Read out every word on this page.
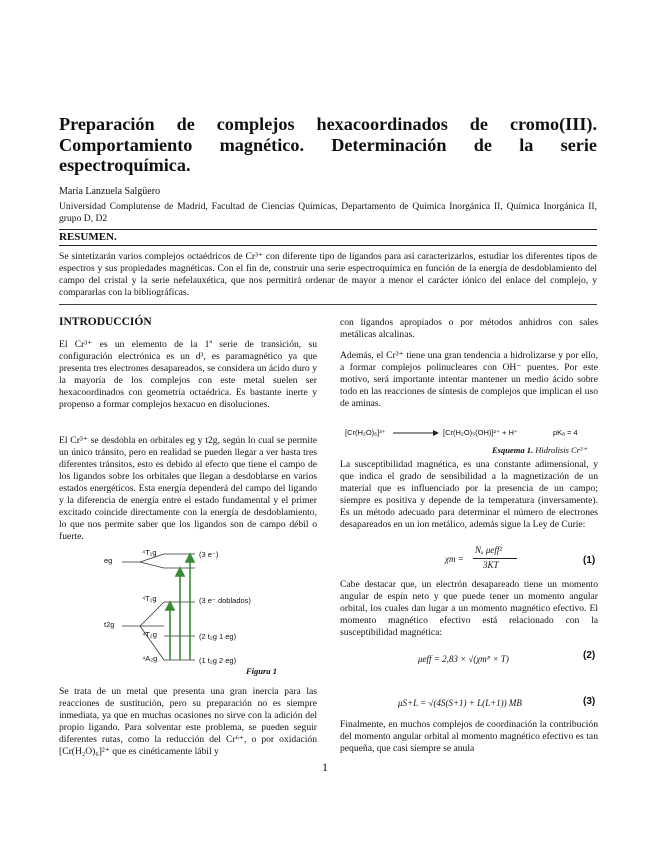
Preparación de complejos hexacoordinados de cromo(III).
Comportamiento magnético. Determinación de la serie
espectroquímica.
María Lanzuela Salgüero
Universidad Complutense de Madrid, Facultad de Ciencias Químicas, Departamento de Química Inorgánica II, Química Inorgánica II, grupo D, D2
RESUMEN.
Se sintetizarán varios complejos octaédricos de Cr³⁺ con diferente tipo de ligandos para así caracterizarlos, estudiar los diferentes tipos de espectros y sus propiedades magnéticas. Con el fin de, construir una serie espectroquímica en función de la energía de desdoblamiento del campo del cristal y la serie nefelauxética, que nos permitirá ordenar de mayor a menor el carácter iónico del enlace del complejo, y compararlas con la bibliográficas.
INTRODUCCIÓN

El Cr³⁺ es un elemento de la 1ª serie de transición, su configuración electrónica es un d³, es paramagnético ya que presenta tres electrones desapareados, se considera un ácido duro y la mayoría de los complejos con este metal suelen ser hexacoordinados con geometría octaédrica. Es bastante inerte y propenso a formar complejos hexacuo en disoluciones.

El Cr³⁺ se desdobla en orbitales eg y t2g, según lo cual se permite un único tránsito, pero en realidad se pueden llegar a ver hasta tres diferentes tránsitos, esto es debido al efecto que tiene el campo de los ligandos sobre los orbitales que llegan a desdoblarse en varios estados energéticos. Esta energía dependerá del campo del ligando y la diferencia de energía entre el estado fundamental y el primer excitado coincide directamente con la energía de desdoblamiento, lo que nos permite saber que los ligandos son de campo débil o fuerte.

eg
t2g
⁴T₁g
⁴T₁g
⁴T₂g
⁴A₂g
(3 e⁻)
(3 e⁻ doblados)
(2 t₂g 1 eg)
(1 t₂g 2 eg)
Figura 1

Se trata de un metal que presenta una gran inercia para las reacciones de sustitución, pero su preparación no es siempre inmediata, ya que en muchas ocasiones no sirve con la adición del propio ligando. Para solventar este problema, se pueden seguir diferentes rutas, como la reducción del Cr⁶⁺, o por oxidación [Cr(H₂O)₆]²⁺ que es cinéticamente lábil y

con ligandos apropiados o por métodos anhidros con sales metálicas alcalinas.

Además, el Cr³⁺ tiene una gran tendencia a hidrolizarse y por ello, a formar complejos polinucleares con OH⁻ puentes. Por este motivo, será importante intentar mantener un medio ácido sobre todo en las reacciones de síntesis de complejos que implican el uso de aminas.

[Cr(H₂O)₆]³⁺ → [Cr(H₂O)₅(OH)]²⁺ + H⁺	pKₐ = 4
Esquema 1. Hidrolisis Cr³⁺

La susceptibilidad magnética, es una constante adimensional, y que indica el grado de sensibilidad a la magnetización de un material que es influenciado por la presencia de un campo; siempre es positiva y depende de la temperatura (inversamente). Es un método adecuado para determinar el número de electrones desapareados en un ion metálico, además sigue la Ley de Curie:

χm =
Nₐ μeff²
3KT	(1)

Cabe destacar que, un electrón desapareado tiene un momento angular de espín neto y que puede tener un momento angular orbital, los cuales dan lugar a un momento magnético efectivo. El momento magnético efectivo está relacionado con la susceptibilidad magnética:

μeff = 2,83 × √(χmᴾ × T)	(2)
μS+L = √(4S(S+1) + L(L+1)) MB	(3)

Finalmente, en muchos complejos de coordinación la contribución del momento angular orbital al momento magnético efectivo es tan pequeña, que casi siempre se anula

1
